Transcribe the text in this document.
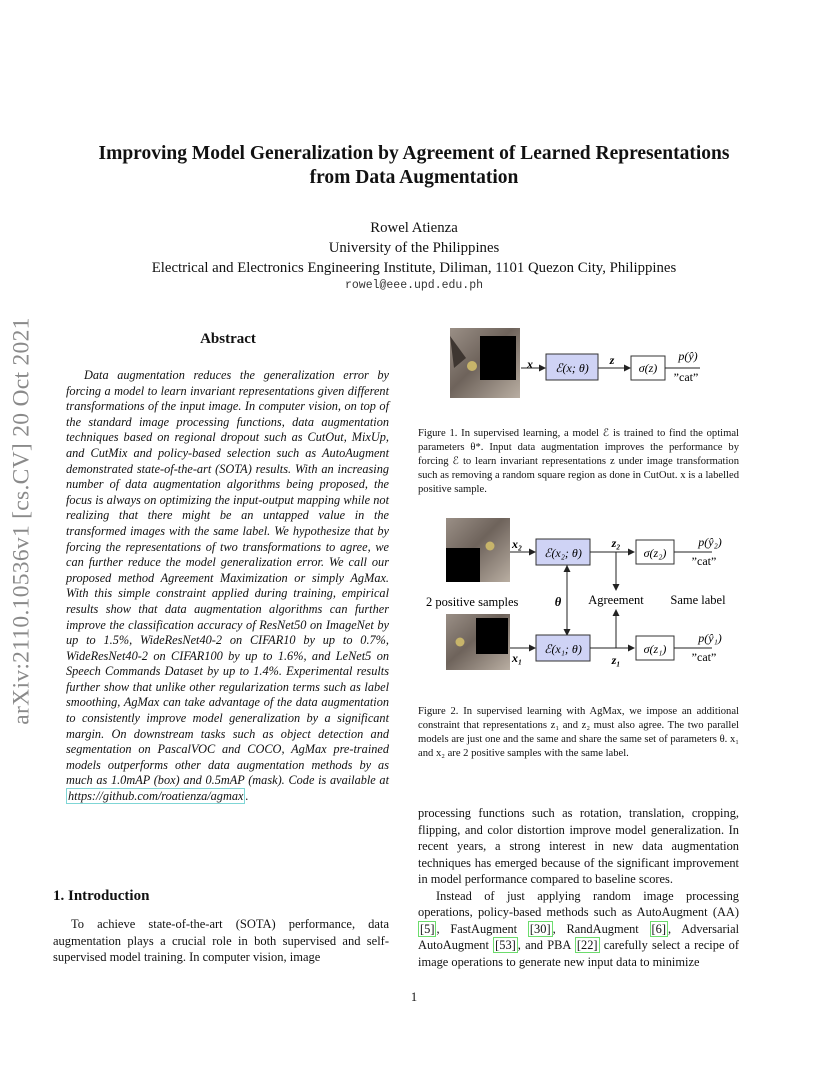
arXiv:2110.10536v1 [cs.CV] 20 Oct 2021
Improving Model Generalization by Agreement of Learned Representations
from Data Augmentation
Rowel Atienza
University of the Philippines
Electrical and Electronics Engineering Institute, Diliman, 1101 Quezon City, Philippines
rowel@eee.upd.edu.ph
Abstract

Data augmentation reduces the generalization error by forcing a model to learn invariant representations given different transformations of the input image. In computer vision, on top of the standard image processing functions, data augmentation techniques based on regional dropout such as CutOut, MixUp, and CutMix and policy-based selection such as AutoAugment demonstrated state-of-the-art (SOTA) results. With an increasing number of data augmentation algorithms being proposed, the focus is always on optimizing the input-output mapping while not realizing that there might be an untapped value in the transformed images with the same label. We hypothesize that by forcing the representations of two transformations to agree, we can further reduce the model generalization error. We call our proposed method Agreement Maximization or simply AgMax. With this simple constraint applied during training, empirical results show that data augmentation algorithms can further improve the classification accuracy of ResNet50 on ImageNet by up to 1.5%, WideResNet40-2 on CIFAR10 by up to 0.7%, WideResNet40-2 on CIFAR100 by up to 1.6%, and LeNet5 on Speech Commands Dataset by up to 1.4%. Experimental results further show that unlike other regularization terms such as label smoothing, AgMax can take advantage of the data augmentation to consistently improve model generalization by a significant margin. On downstream tasks such as object detection and segmentation on PascalVOC and COCO, AgMax pre-trained models outperforms other data augmentation methods by as much as 1.0mAP (box) and 0.5mAP (mask). Code is available at https://github.com/roatienza/agmax .

1. Introduction

To achieve state-of-the-art (SOTA) performance, data augmentation plays a crucial role in both supervised and self-supervised model training. In computer vision, image

x ℰ(x; θ)
z
σ(z)
p(ŷ)
”cat”
Figure 1. In supervised learning, a model ℰ is trained to find the optimal parameters θ*. Input data augmentation improves the performance by forcing ℰ to learn invariant representations z under image transformation such as removing a random square region as done in CutOut. x is a labelled positive sample.
x₂
ℰ(x₂; θ)
z₂
σ(z₂)
p(ŷ₂)
”cat”
2 positive samples	θ Agreement Same label
x₁
ℰ(x₁; θ)
z₁
σ(z₁)
p(ŷ₁)
”cat”
Figure 2. In supervised learning with AgMax, we impose an additional constraint that representations z₁ and z₂ must also agree. The two parallel models are just one and the same and share the same set of parameters θ. x₁ and x₂ are 2 positive samples with the same label.

processing functions such as rotation, translation, cropping, flipping, and color distortion improve model generalization. In recent years, a strong interest in new data augmentation techniques has emerged because of the significant improvement in model performance compared to baseline scores.

Instead of just applying random image processing operations, policy-based methods such as AutoAugment (AA) [5] , FastAugment [30] , RandAugment [6] , Adversarial AutoAugment [53] , and PBA [22] carefully select a recipe of image operations to generate new input data to minimize

1
